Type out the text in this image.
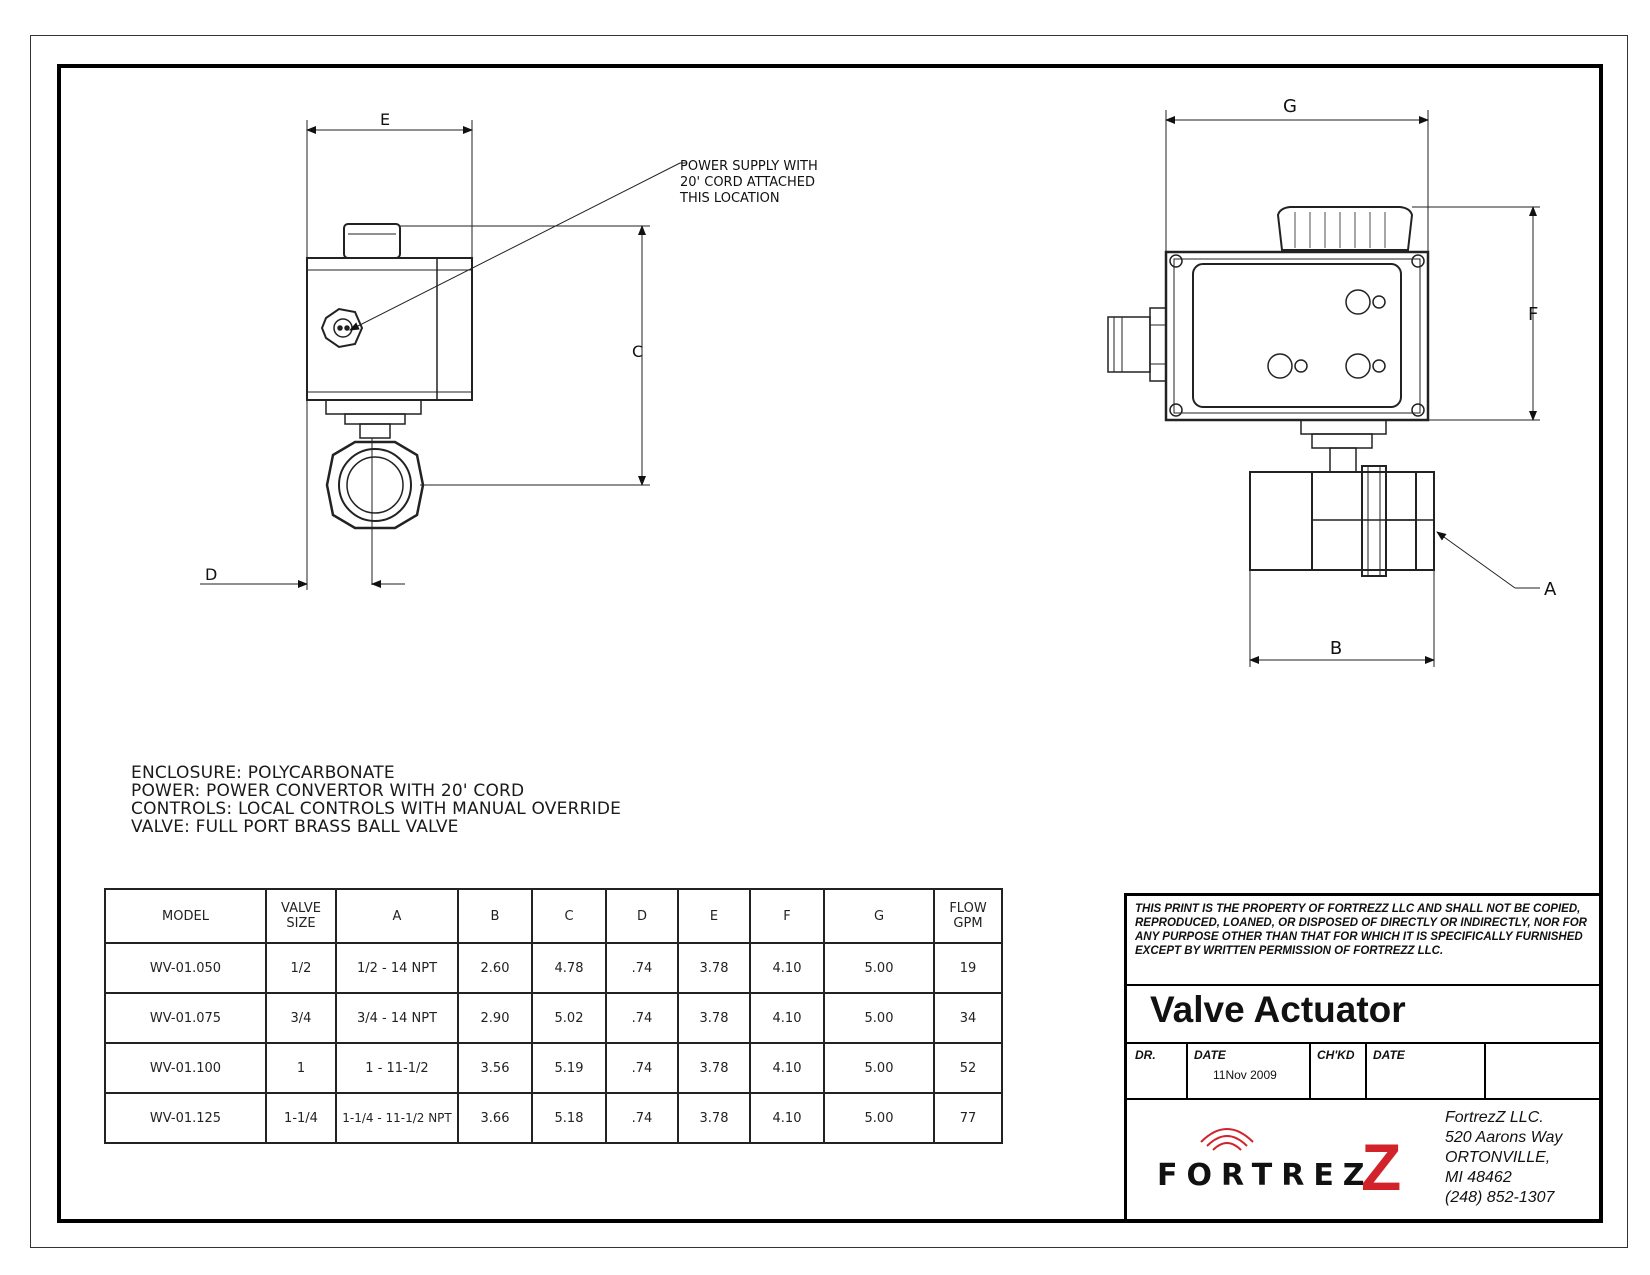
E
C
D
POWER SUPPLY WITH
20' CORD ATTACHED
THIS LOCATION
G
F
B
A
ENCLOSURE: POLYCARBONATE
POWER: POWER CONVERTOR WITH 20' CORD
CONTROLS: LOCAL CONTROLS WITH MANUAL OVERRIDE
VALVE: FULL PORT BRASS BALL VALVE
MODEL	VALVE SIZE	A	B	C	D	E	F	G	FLOW GPM
WV-01.050	1/2	1/2 - 14 NPT	2.60	4.78	.74	3.78	4.10	5.00	19
WV-01.075	3/4	3/4 - 14 NPT	2.90	5.02	.74	3.78	4.10	5.00	34
WV-01.100	1	1 - 11-1/2	3.56	5.19	.74	3.78	4.10	5.00	52
WV-01.125	1-1/4	1-1/4 - 11-1/2 NPT	3.66	5.18	.74	3.78	4.10	5.00	77
THIS PRINT IS THE PROPERTY OF FORTREZZ LLC AND SHALL NOT BE COPIED, REPRODUCED, LOANED, OR DISPOSED OF DIRECTLY OR INDIRECTLY, NOR FOR ANY PURPOSE OTHER THAN THAT FOR WHICH IT IS SPECIFICALLY FURNISHED EXCEPT BY WRITTEN PERMISSION OF FORTREZZ LLC.
Valve Actuator
DR.	DATE
11Nov 2009
CH'KD DATE
FORTREZ
Z
FortrezZ LLC.
520 Aarons Way
ORTONVILLE,
MI 48462
(248) 852-1307
